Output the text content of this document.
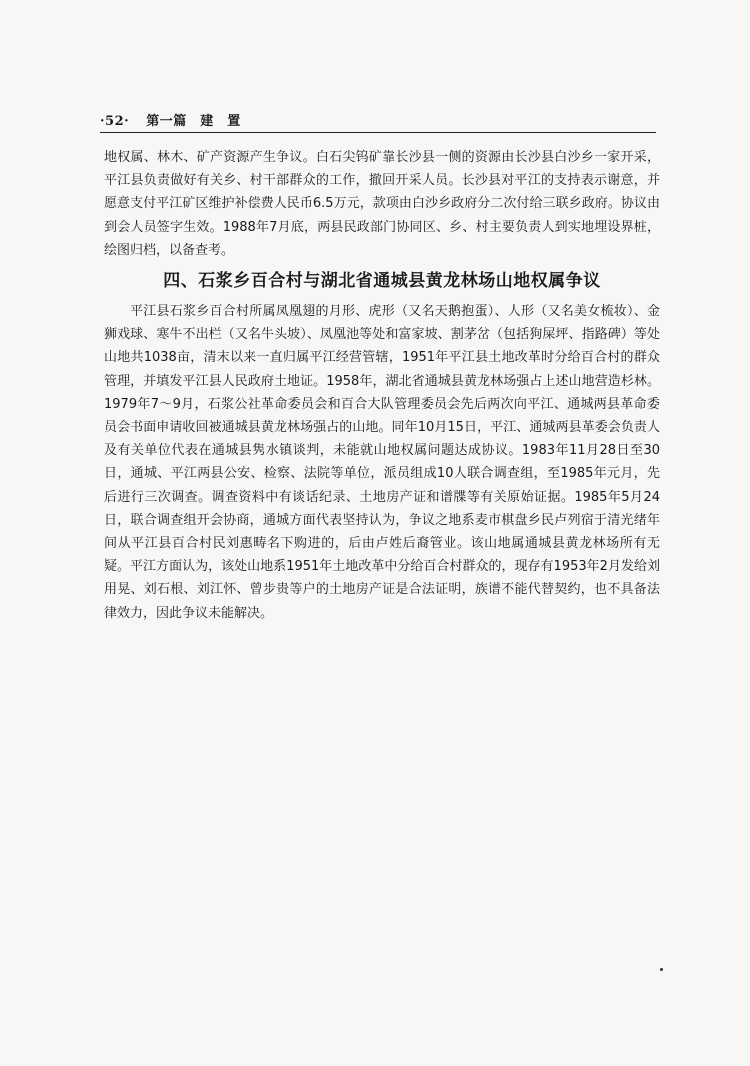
·52· 第一篇　建　置

地权属、林木、矿产资源产生争议。白石尖钨矿靠长沙县一侧的资源由长沙县白沙乡一家开采，平江县负责做好有关乡、村干部群众的工作，撤回开采人员。长沙县对平江的支持表示谢意，并愿意支付平江矿区维护补偿费人民币6.5万元，款项由白沙乡政府分二次付给三联乡政府。协议由到会人员签字生效。1988年7月底，两县民政部门协同区、乡、村主要负责人到实地埋设界桩，绘图归档，以备查考。

四、石浆乡百合村与湖北省通城县黄龙林场山地权属争议

平江县石浆乡百合村所属凤凰翅的月形、虎形（又名天鹅抱蛋）、人形（又名美女梳妆）、金狮戏球、寒牛不出栏（又名牛头坡）、凤凰池等处和富家坡、割茅岔（包括狗屎坪、指路碑）等处山地共1038亩，清末以来一直归属平江经营管辖，1951年平江县土地改革时分给百合村的群众管理，并填发平江县人民政府土地证。1958年，湖北省通城县黄龙林场强占上述山地营造杉林。1979年7～9月，石浆公社革命委员会和百合大队管理委员会先后两次向平江、通城两县革命委员会书面申请收回被通城县黄龙林场强占的山地。同年10月15日，平江、通城两县革委会负责人及有关单位代表在通城县隽水镇谈判，未能就山地权属问题达成协议。1983年11月28日至30日，通城、平江两县公安、检察、法院等单位，派员组成10人联合调查组，至1985年元月，先后进行三次调查。调查资料中有谈话纪录、土地房产证和谱牒等有关原始证据。1985年5月24日，联合调查组开会协商，通城方面代表坚持认为，争议之地系麦市棋盘乡民卢列宿于清光绪年间从平江县百合村民刘惠畴名下购进的，后由卢姓后裔管业。该山地属通城县黄龙林场所有无疑。平江方面认为，该处山地系1951年土地改革中分给百合村群众的，现存有1953年2月发给刘用晃、刘石根、刘江怀、曾步贵等户的土地房产证是合法证明，族谱不能代替契约，也不具备法律效力，因此争议未能解决。
